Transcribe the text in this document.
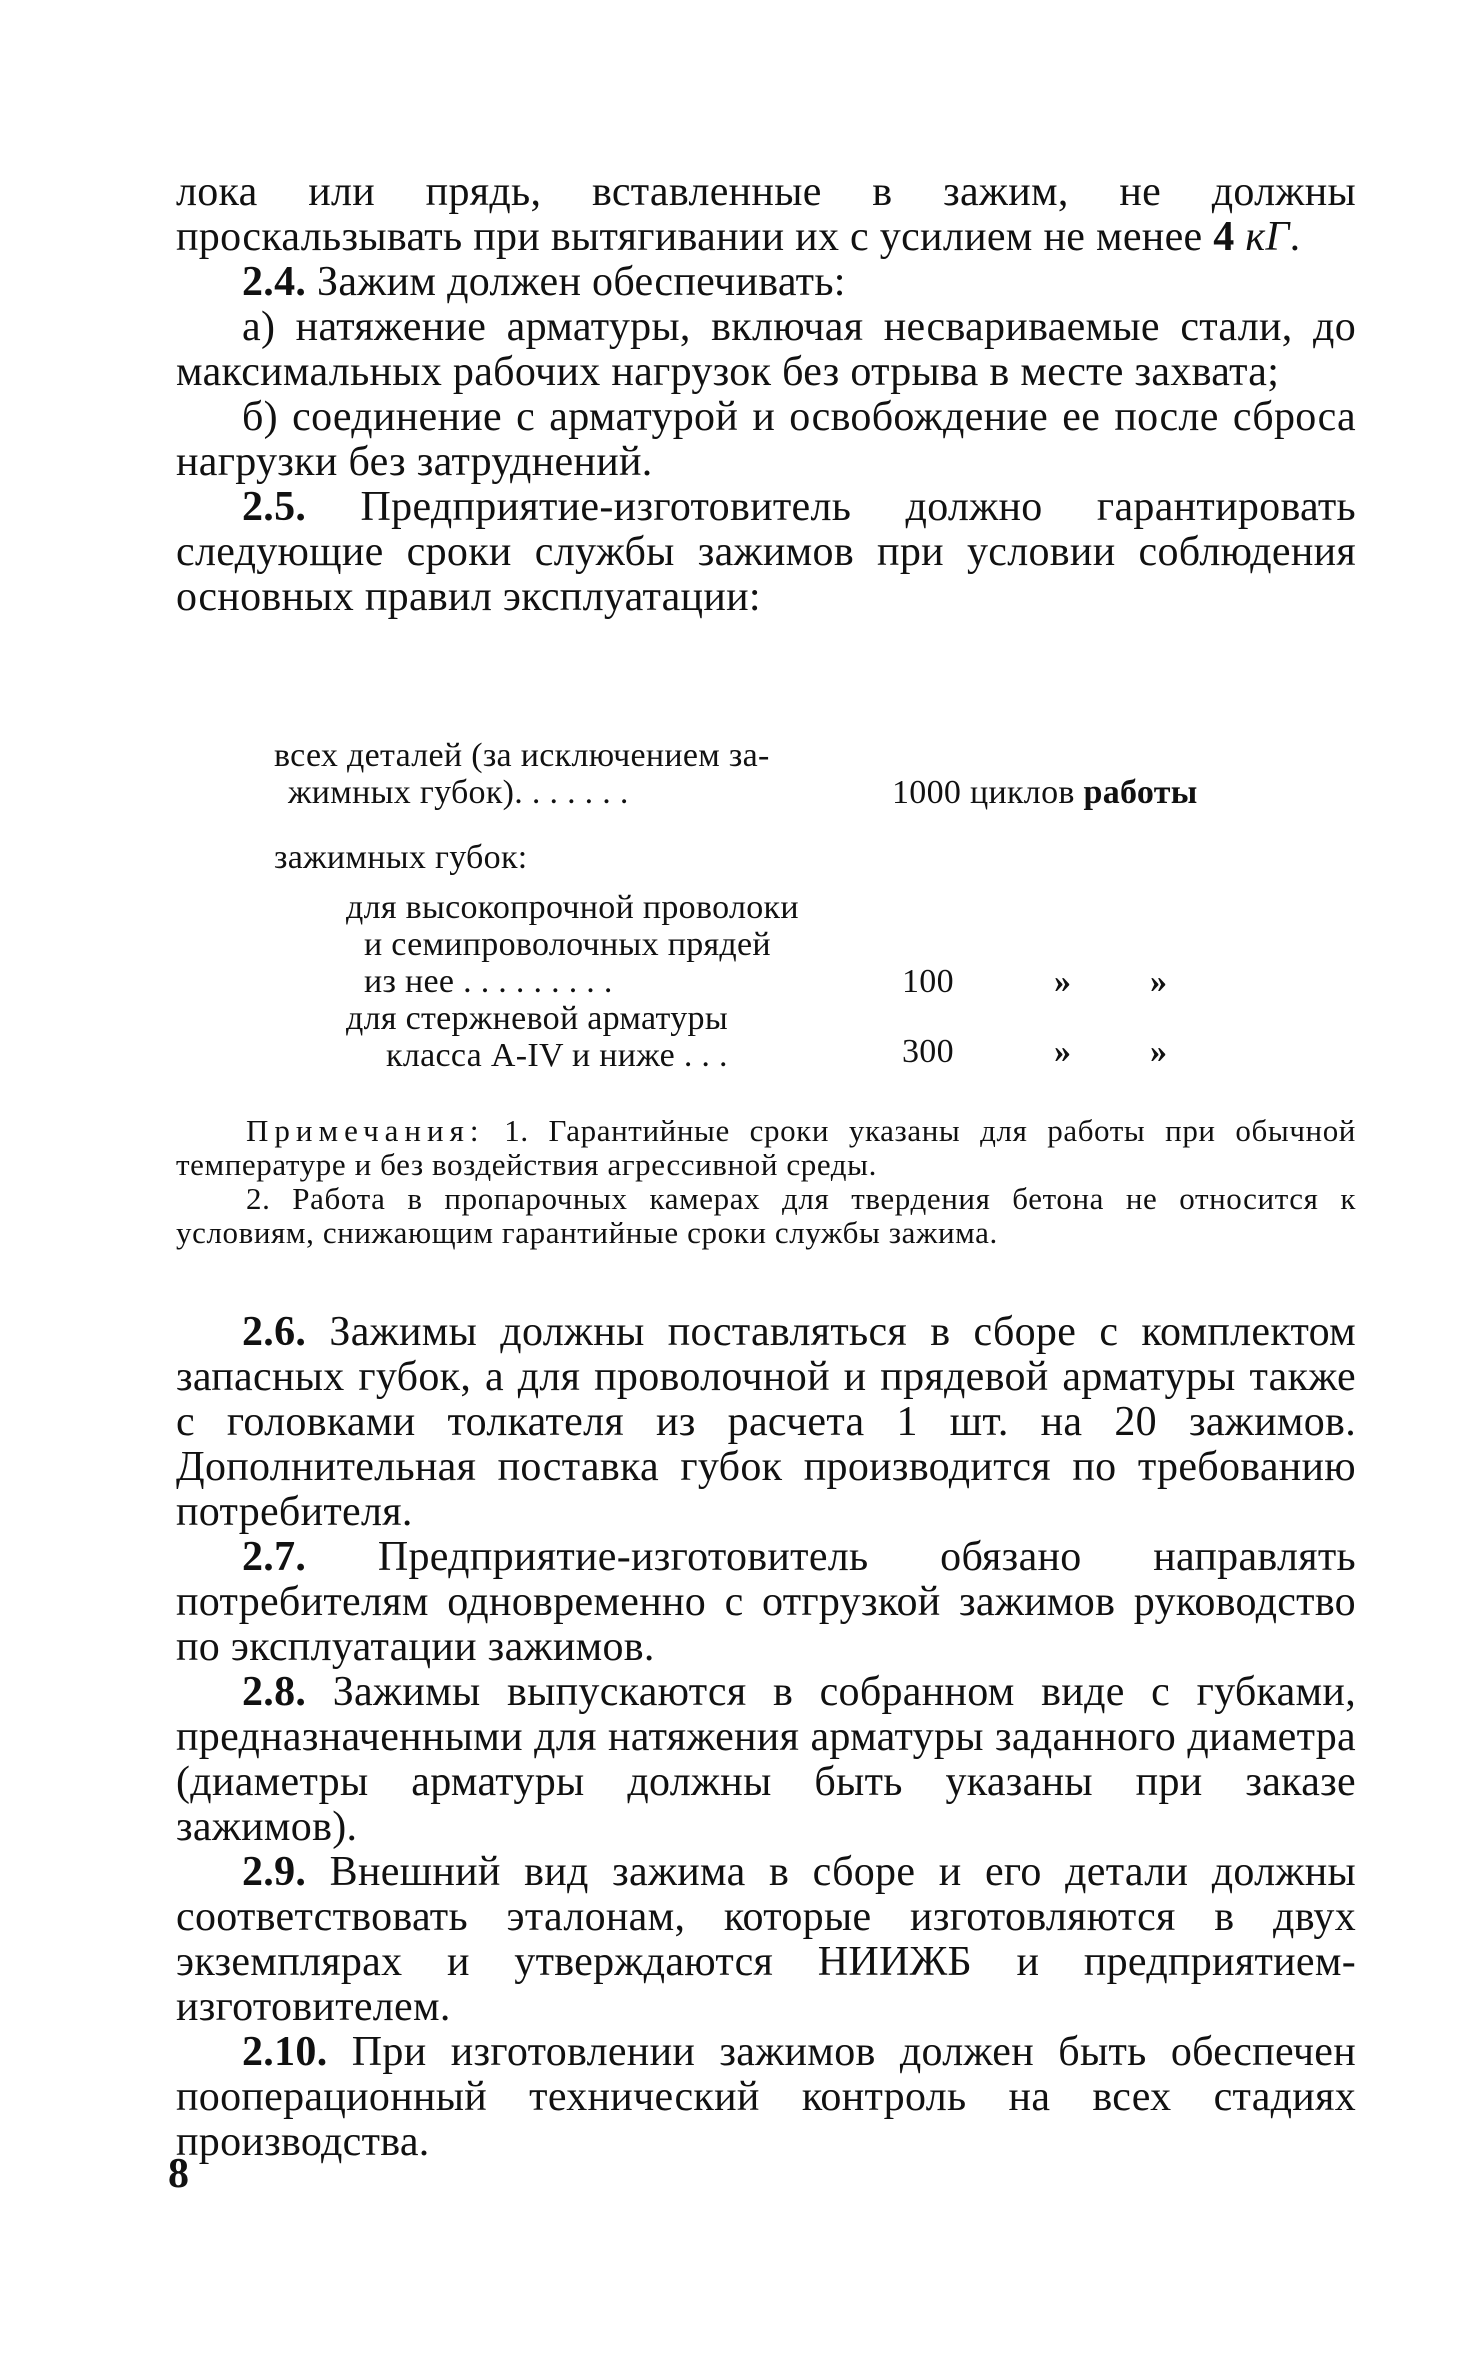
лока или прядь, вставленные в зажим, не должны проскальзывать при вытягивании их с усилием не менее 4 кГ.

2.4. Зажим должен обеспечивать:

а) натяжение арматуры, включая несвариваемые стали, до максимальных рабочих нагрузок без отрыва в месте захвата;

б) соединение с арматурой и освобождение ее после сброса нагрузки без затруднений.

2.5. Предприятие-изготовитель должно гарантировать следующие сроки службы зажимов при условии соблюдения основных правил эксплуатации:

всех деталей (за исключением за-
жимных губок). . . . . . .	1000 циклов работы
зажимных губок:
для высокопрочной проволоки
и семипроволочных прядей
из нее . . . . . . . . .	100	» »
для стержневой арматуры
класса А-IV и ниже . . .	300	» »

Примечания: 1. Гарантийные сроки указаны для работы при обычной температуре и без воздействия агрессивной среды.

2. Работа в пропарочных камерах для твердения бетона не относится к условиям, снижающим гарантийные сроки службы зажима.

2.6. Зажимы должны поставляться в сборе с комплектом запасных губок, а для проволочной и прядевой арматуры также с головками толкателя из расчета 1 шт. на 20 зажимов. Дополнительная поставка губок производится по требованию потребителя.

2.7. Предприятие-изготовитель обязано направлять потребителям одновременно с отгрузкой зажимов руководство по эксплуатации зажимов.

2.8. Зажимы выпускаются в собранном виде с губками, предназначенными для натяжения арматуры заданного диаметра (диаметры арматуры должны быть указаны при заказе зажимов).

2.9. Внешний вид зажима в сборе и его детали должны соответствовать эталонам, которые изготовляются в двух экземплярах и утверждаются НИИЖБ и предприятием-изготовителем.

2.10. При изготовлении зажимов должен быть обеспечен пооперационный технический контроль на всех стадиях производства.

8
